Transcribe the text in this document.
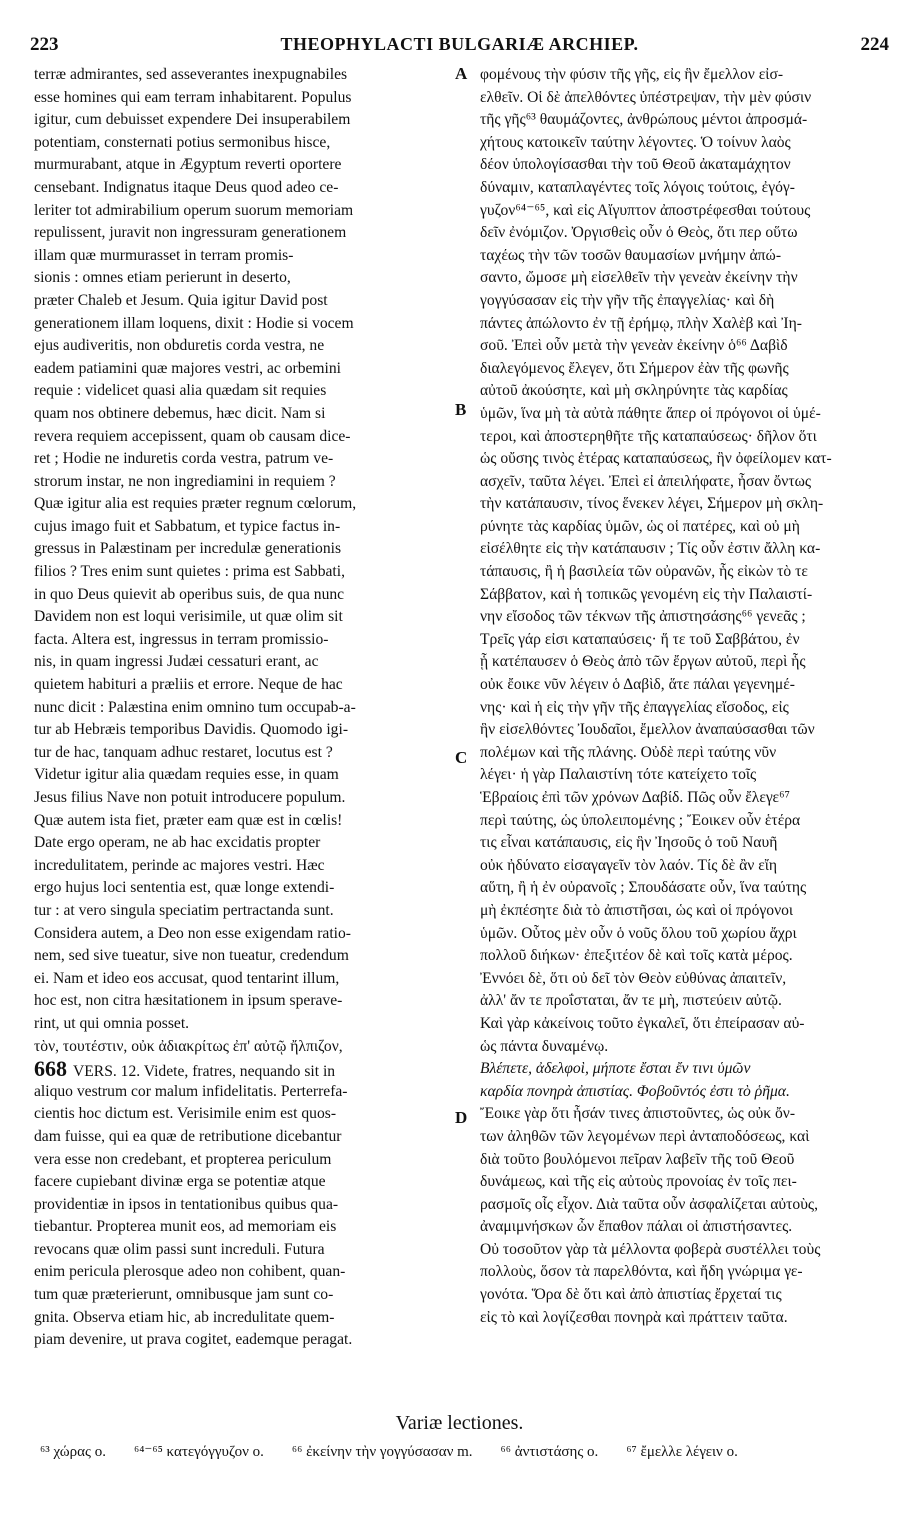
223	THEOPHYLACTI BULGARIÆ ARCHIEP.	224
A
B
C
D
terræ admirantes, sed asseverantes inexpugnabiles
esse homines qui eam terram inhabitarent. Populus
igitur, cum debuisset expendere Dei insuperabilem
potentiam, consternati potius sermonibus hisce,
murmurabant, atque in Ægyptum reverti oportere
censebant. Indignatus itaque Deus quod adeo ce-
leriter tot admirabilium operum suorum memoriam
repulissent, juravit non ingressuram generationem
illam quæ murmurasset in terram promis-
sionis : omnes etiam perierunt in deserto,
præter Chaleb et Jesum. Quia igitur David post
generationem illam loquens, dixit : Hodie si vocem
ejus audiveritis, non obduretis corda vestra, ne
eadem patiamini quæ majores vestri, ac orbemini
requie : videlicet quasi alia quædam sit requies
quam nos obtinere debemus, hæc dicit. Nam si
revera requiem accepissent, quam ob causam dice-
ret ; Hodie ne induretis corda vestra, patrum ve-
strorum instar, ne non ingrediamini in requiem ?
Quæ igitur alia est requies præter regnum cœlorum,
cujus imago fuit et Sabbatum, et typice factus in-
gressus in Palæstinam per incredulæ generationis
filios ? Tres enim sunt quietes : prima est Sabbati,
in quo Deus quievit ab operibus suis, de qua nunc
Davidem non est loqui verisimile, ut quæ olim sit
facta. Altera est, ingressus in terram promissio-
nis, in quam ingressi Judæi cessaturi erant, ac
quietem habituri a præliis et errore. Neque de hac
nunc dicit : Palæstina enim omnino tum occupab-a-
tur ab Hebræis temporibus Davidis. Quomodo igi-
tur de hac, tanquam adhuc restaret, locutus est ?
Videtur igitur alia quædam requies esse, in quam
Jesus filius Nave non potuit introducere populum.
Quæ autem ista fiet, præter eam quæ est in cœlis!
Date ergo operam, ne ab hac excidatis propter
incredulitatem, perinde ac majores vestri. Hæc
ergo hujus loci sententia est, quæ longe extendi-
tur : at vero singula speciatim pertractanda sunt.
Considera autem, a Deo non esse exigendam ratio-
nem, sed sive tueatur, sive non tueatur, credendum
ei. Nam et ideo eos accusat, quod tentarint illum,
hoc est, non citra hæsitationem in ipsum sperave-
rint, ut qui omnia posset.
τὸν, τουτέστιν, οὐκ ἀδιακρίτως ἐπ' αὐτῷ ἤλπιζον,
668 VERS. 12. Videte, fratres, nequando sit in
aliquo vestrum cor malum infidelitatis. Perterrefa-
cientis hoc dictum est. Verisimile enim est quos-
dam fuisse, qui ea quæ de retributione dicebantur
vera esse non credebant, et propterea periculum
facere cupiebant divinæ erga se potentiæ atque
providentiæ in ipsos in tentationibus quibus qua-
tiebantur. Propterea munit eos, ad memoriam eis
revocans quæ olim passi sunt increduli. Futura
enim pericula plerosque adeo non cohibent, quan-
tum quæ præterierunt, omnibusque jam sunt co-
gnita. Observa etiam hic, ab incredulitate quem-
piam devenire, ut prava cogitet, eademque peragat.
φομένους τὴν φύσιν τῆς γῆς, εἰς ἣν ἔμελλον εἰσ-
ελθεῖν. Οἱ δὲ ἀπελθόντες ὑπέστρεψαν, τὴν μὲν φύσιν
τῆς γῆς⁶³ θαυμάζοντες, ἀνθρώπους μέντοι ἀπροσμά-
χήτους κατοικεῖν ταύτην λέγοντες. Ὁ τοίνυν λαὸς
δέον ὑπολογίσασθαι τὴν τοῦ Θεοῦ ἀκαταμάχητον
δύναμιν, καταπλαγέντες τοῖς λόγοις τούτοις, ἐγόγ-
γυζον⁶⁴⁻⁶⁵, καὶ εἰς Αἴγυπτον ἀποστρέφεσθαι τούτους
δεῖν ἐνόμιζον. Ὀργισθεὶς οὖν ὁ Θεὸς, ὅτι περ οὕτω
ταχέως τὴν τῶν τοσῶν θαυμασίων μνήμην ἀπώ-
σαντο, ὤμοσε μὴ εἰσελθεῖν τὴν γενεὰν ἐκείνην τὴν
γογγύσασαν εἰς τὴν γῆν τῆς ἐπαγγελίας· καὶ δὴ
πάντες ἀπώλοντο ἐν τῇ ἐρήμῳ, πλὴν Χαλὲβ καὶ Ἰη-
σοῦ. Ἐπεὶ οὖν μετὰ τὴν γενεὰν ἐκείνην ὁ⁶⁶ Δαβὶδ
διαλεγόμενος ἔλεγεν, ὅτι Σήμερον ἐὰν τῆς φωνῆς
αὐτοῦ ἀκούσητε, καὶ μὴ σκληρύνητε τὰς καρδίας
ὑμῶν, ἵνα μὴ τὰ αὐτὰ πάθητε ἅπερ οἱ πρόγονοι οἱ ὑμέ-
τεροι, καὶ ἀποστερηθῆτε τῆς καταπαύσεως· δῆλον ὅτι
ὡς οὔσης τινὸς ἑτέρας καταπαύσεως, ἣν ὀφείλομεν κατ-
ασχεῖν, ταῦτα λέγει. Ἐπεὶ εἰ ἀπειλήφατε, ἦσαν ὄντως
τὴν κατάπαυσιν, τίνος ἕνεκεν λέγει, Σήμερον μὴ σκλη-
ρύνητε τὰς καρδίας ὑμῶν, ὡς οἱ πατέρες, καὶ οὐ μὴ
εἰσέλθητε εἰς τὴν κατάπαυσιν ; Τίς οὖν ἐστιν ἄλλη κα-
τάπαυσις, ἢ ἡ βασιλεία τῶν οὐρανῶν, ἧς εἰκὼν τὸ τε
Σάββατον, καὶ ἡ τοπικῶς γενομένη εἰς τὴν Παλαιστί-
νην εἴσοδος τῶν τέκνων τῆς ἀπιστησάσης⁶⁶ γενεᾶς ;
Τρεῖς γάρ εἰσι καταπαύσεις· ἥ τε τοῦ Σαββάτου, ἐν
ᾗ κατέπαυσεν ὁ Θεὸς ἀπὸ τῶν ἔργων αὐτοῦ, περὶ ἧς
οὐκ ἔοικε νῦν λέγειν ὁ Δαβὶδ, ἅτε πάλαι γεγενημέ-
νης· καὶ ἡ εἰς τὴν γῆν τῆς ἐπαγγελίας εἴσοδος, εἰς
ἣν εἰσελθόντες Ἰουδαῖοι, ἔμελλον ἀναπαύσασθαι τῶν
πολέμων καὶ τῆς πλάνης. Οὐδὲ περὶ ταύτης νῦν
λέγει· ἡ γὰρ Παλαιστίνη τότε κατείχετο τοῖς
Ἑβραίοις ἐπὶ τῶν χρόνων Δαβίδ. Πῶς οὖν ἔλεγε⁶⁷
περὶ ταύτης, ὡς ὑπολειπομένης ; Ἔοικεν οὖν ἑτέρα
τις εἶναι κατάπαυσις, εἰς ἣν Ἰησοῦς ὁ τοῦ Ναυῆ
οὐκ ἠδύνατο εἰσαγαγεῖν τὸν λαόν. Τίς δὲ ἂν εἴη
αὕτη, ἢ ἡ ἐν οὐρανοῖς ; Σπουδάσατε οὖν, ἵνα ταύτης
μὴ ἐκπέσητε διὰ τὸ ἀπιστῆσαι, ὡς καὶ οἱ πρόγονοι
ὑμῶν. Οὗτος μὲν οὖν ὁ νοῦς ὅλου τοῦ χωρίου ἄχρι
πολλοῦ διήκων· ἐπεξιτέον δὲ καὶ τοῖς κατὰ μέρος.
Ἐννόει δὲ, ὅτι οὐ δεῖ τὸν Θεὸν εὐθύνας ἀπαιτεῖν,
ἀλλ' ἄν τε προΐσταται, ἄν τε μὴ, πιστεύειν αὐτῷ.
Καὶ γὰρ κἀκείνοις τοῦτο ἐγκαλεῖ, ὅτι ἐπείρασαν αὐ-
ὡς πάντα δυναμένῳ.
Βλέπετε, ἀδελφοὶ, μήποτε ἔσται ἔν τινι ὑμῶν
καρδία πονηρὰ ἀπιστίας. Φοβοῦντός ἐστι τὸ ῥῆμα.
Ἔοικε γὰρ ὅτι ἦσάν τινες ἀπιστοῦντες, ὡς οὐκ ὄν-
των ἀληθῶν τῶν λεγομένων περὶ ἀνταποδόσεως, καὶ
διὰ τοῦτο βουλόμενοι πεῖραν λαβεῖν τῆς τοῦ Θεοῦ
δυνάμεως, καὶ τῆς εἰς αὐτοὺς προνοίας ἐν τοῖς πει-
ρασμοῖς οἷς εἶχον. Διὰ ταῦτα οὖν ἀσφαλίζεται αὐτοὺς,
ἀναμιμνήσκων ὧν ἔπαθον πάλαι οἱ ἀπιστήσαντες.
Οὐ τοσοῦτον γὰρ τὰ μέλλοντα φοβερὰ συστέλλει τοὺς
πολλοὺς, ὅσον τὰ παρελθόντα, καὶ ἤδη γνώριμα γε-
γονότα. Ὅρα δὲ ὅτι καὶ ἀπὸ ἀπιστίας ἔρχεταί τις
εἰς τὸ καὶ λογίζεσθαι πονηρὰ καὶ πράττειν ταῦτα.
Variæ lectiones.
⁶³ χώρας ο. ⁶⁴⁻⁶⁵ κατεγόγγυζον ο. ⁶⁶ ἐκείνην τὴν γογγύσασαν m. ⁶⁶ ἀντιστάσης ο. ⁶⁷ ἔμελλε λέγειν ο.
